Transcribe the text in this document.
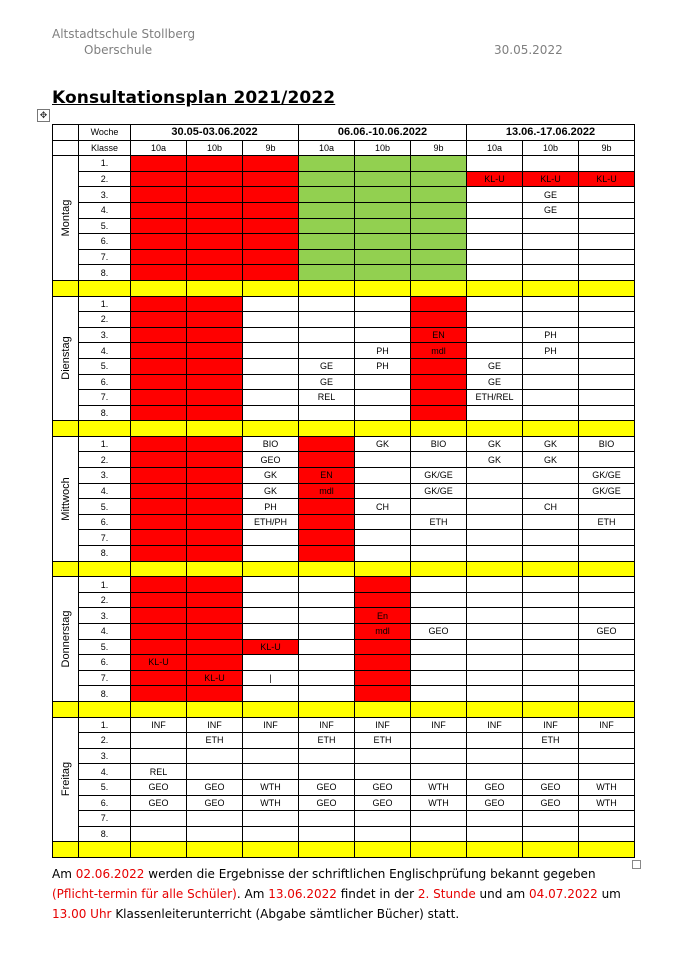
Altstadtschule Stollberg
Oberschule	30.05.2022
Konsultationsplan 2021/2022
✥
	Woche	30.05-03.06.2022			06.06.-10.06.2022			13.06.-17.06.2022		
	Klasse	10a	10b	9b	10a	10b	9b	10a	10b	9b

Montag	1.									
	2.							KL-U	KL-U	KL-U
	3.								GE	
	4.								GE	
	5.									
	6.									
	7.									
	8.									

Dienstag	1.									
	2.									
	3.						EN		PH	
	4.					PH	mdl		PH	
	5.				GE	PH		GE		
	6.				GE			GE		
	7.				REL			ETH/REL		
	8.									

Mittwoch	1.			BIO		GK	BIO	GK	GK	BIO
	2.			GEO				GK	GK	
	3.			GK	EN		GK/GE			GK/GE
	4.			GK	mdl		GK/GE			GK/GE
	5.			PH		CH			CH	
	6.			ETH/PH			ETH			ETH
	7.									
	8.									

Donnerstag	1.									
	2.									
	3.					En				
	4.					mdl	GEO			GEO
	5.			KL-U						
	6.	KL-U								
	7.		KL-U	|						
	8.									

Freitag	1.	INF	INF	INF	INF	INF	INF	INF	INF	INF
	2.		ETH		ETH	ETH			ETH	
	3.									
	4.	REL								
	5.	GEO	GEO	WTH	GEO	GEO	WTH	GEO	GEO	WTH
	6.	GEO	GEO	WTH	GEO	GEO	WTH	GEO	GEO	WTH
	7.									
	8.									

Am 02.06.2022 werden die Ergebnisse der schriftlichen Englischprüfung bekannt gegeben (Pflicht-termin für alle Schüler). Am 13.06.2022 findet in der 2. Stunde und am 04.07.2022 um 13.00 Uhr Klassenleiterunterricht (Abgabe sämtlicher Bücher) statt.
